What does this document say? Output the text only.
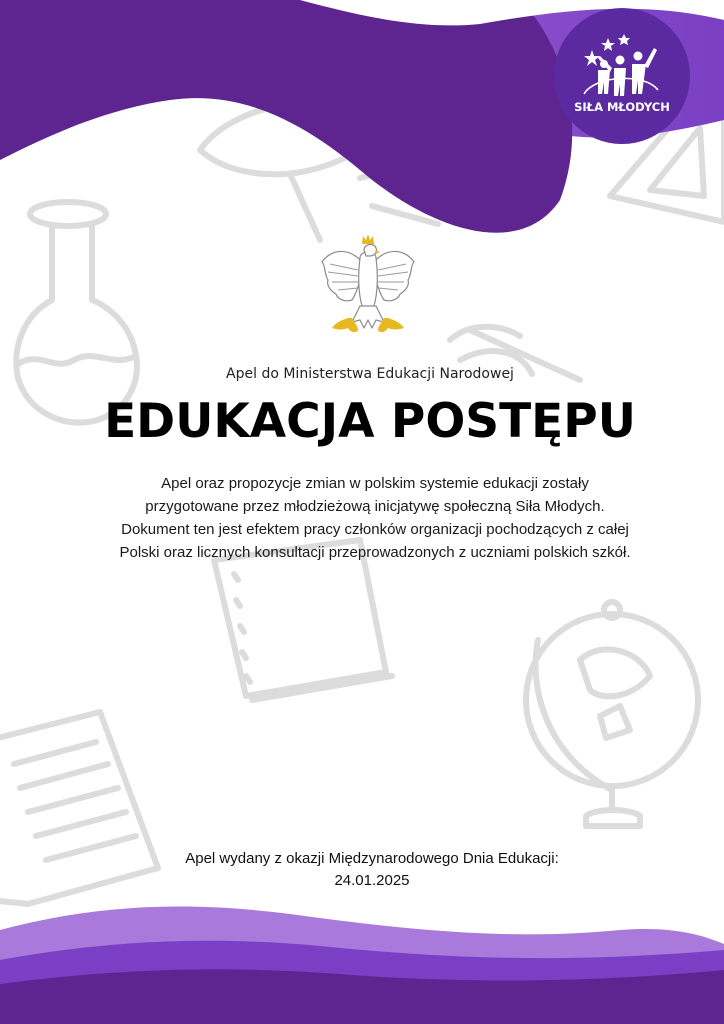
SIŁA MŁODYCH
Apel do Ministerstwa Edukacji Narodowej
EDUKACJA POSTĘPU
Apel oraz propozycje zmian w polskim systemie edukacji zostały
przygotowane przez młodzieżową inicjatywę społeczną Siła Młodych.
Dokument ten jest efektem pracy członków organizacji pochodzących z całej
Polski oraz licznych konsultacji przeprowadzonych z uczniami polskich szkół.
Apel wydany z okazji Międzynarodowego Dnia Edukacji:
24.01.2025
